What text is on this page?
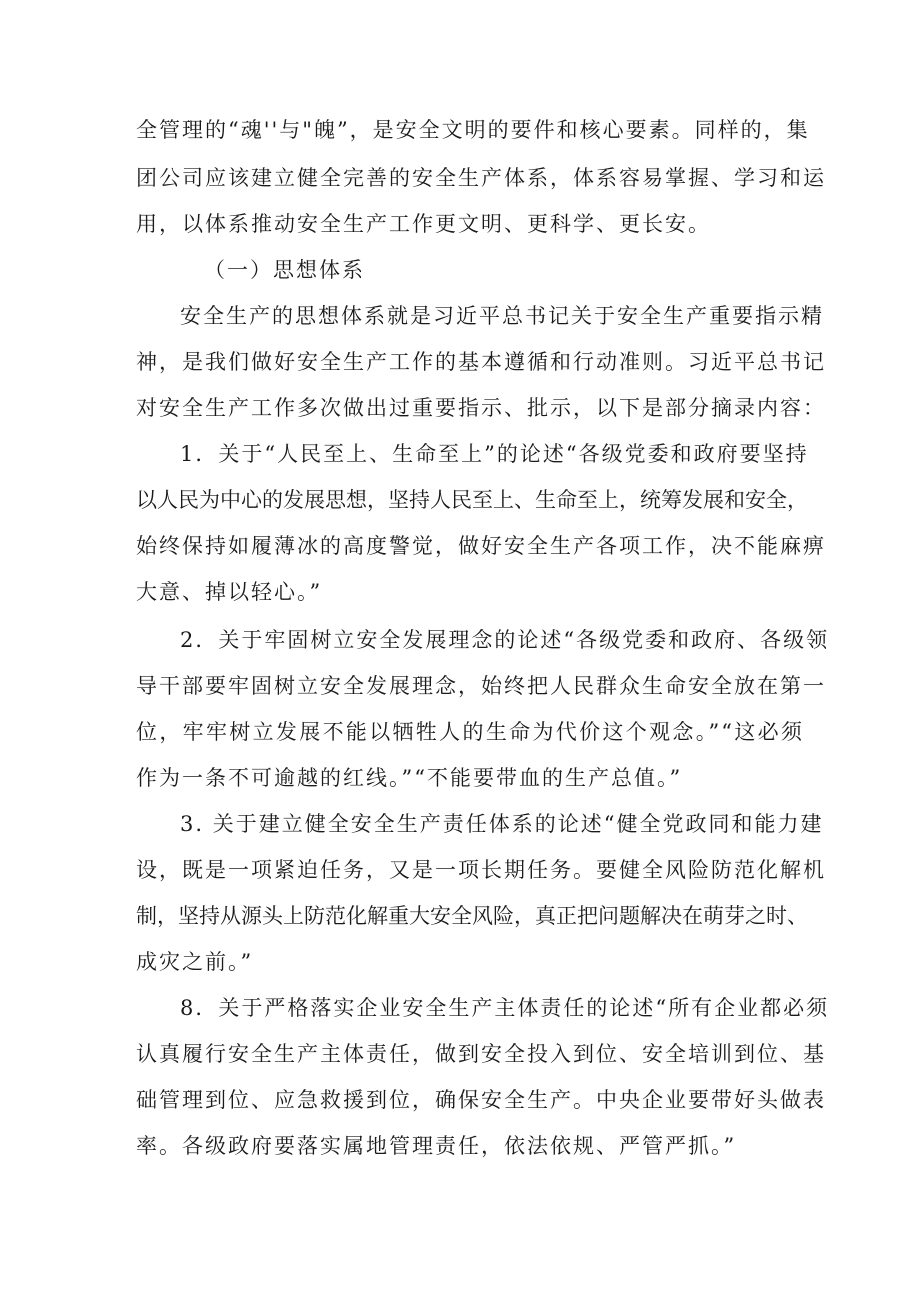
全管理的“魂''与"魄”，是安全文明的要件和核心要素。同样的，集
团公司应该建立健全完善的安全生产体系，体系容易掌握、学习和运
用，以体系推动安全生产工作更文明、更科学、更长安。
（一）思想体系
安全生产的思想体系就是习近平总书记关于安全生产重要指示精
神，是我们做好安全生产工作的基本遵循和行动准则。习近平总书记
对安全生产工作多次做出过重要指示、批示，以下是部分摘录内容：
1．关于“人民至上、生命至上”的论述“各级党委和政府要坚持
以人民为中心的发展思想，坚持人民至上、生命至上，统筹发展和安全，
始终保持如履薄冰的高度警觉，做好安全生产各项工作，决不能麻痹
大意、掉以轻心。”
2．关于牢固树立安全发展理念的论述“各级党委和政府、各级领
导干部要牢固树立安全发展理念，始终把人民群众生命安全放在第一
位，牢牢树立发展不能以牺牲人的生命为代价这个观念。”“这必须
作为一条不可逾越的红线。”“不能要带血的生产总值。”
3. 关于建立健全安全生产责任体系的论述“健全党政同和能力建
设，既是一项紧迫任务，又是一项长期任务。要健全风险防范化解机
制，坚持从源头上防范化解重大安全风险，真正把问题解决在萌芽之时、
成灾之前。”
8．关于严格落实企业安全生产主体责任的论述“所有企业都必须
认真履行安全生产主体责任，做到安全投入到位、安全培训到位、基
础管理到位、应急救援到位，确保安全生产。中央企业要带好头做表
率。各级政府要落实属地管理责任，依法依规、严管严抓。”
